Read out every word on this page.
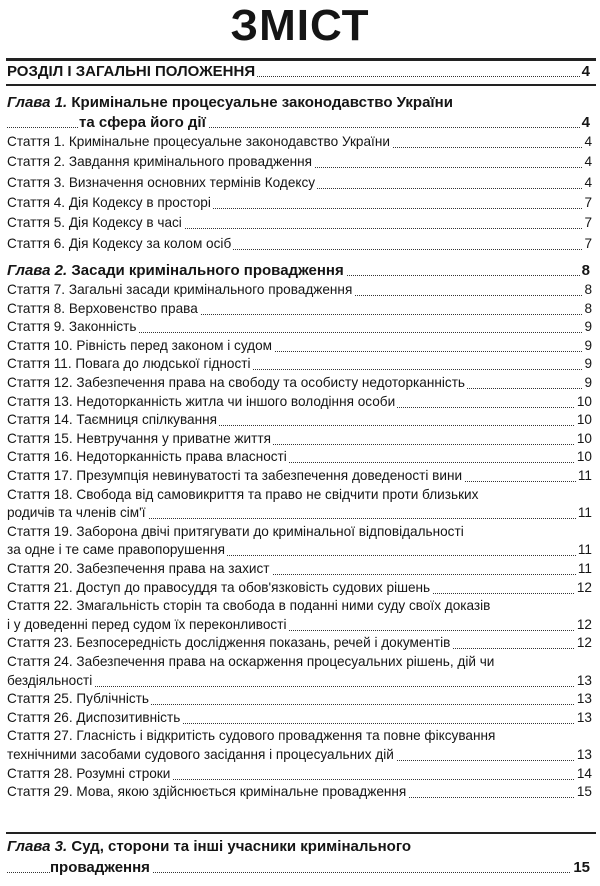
ЗМІСТ
РОЗДІЛ І ЗАГАЛЬНІ ПОЛОЖЕННЯ	4
Глава 1. Кримінальне процесуальне законодавство України
та сфера його дії	4
Стаття 1. Кримінальне процесуальне законодавство України	4
Стаття 2. Завдання кримінального провадження	4
Стаття 3. Визначення основних термінів Кодексу	4
Стаття 4. Дія Кодексу в просторі	7
Стаття 5. Дія Кодексу в часі	7
Стаття 6. Дія Кодексу за колом осіб	7
Глава 2. Засади кримінального провадження	8
Стаття 7. Загальні засади кримінального провадження	8
Стаття 8. Верховенство права	8
Стаття 9. Законність	9
Стаття 10. Рівність перед законом і судом	9
Стаття 11. Повага до людської гідності	9
Стаття 12. Забезпечення права на свободу та особисту недоторканність	9
Стаття 13. Недоторканність житла чи іншого володіння особи	10
Стаття 14. Таємниця спілкування	10
Стаття 15. Невтручання у приватне життя	10
Стаття 16. Недоторканність права власності	10
Стаття 17. Презумпція невинуватості та забезпечення доведеності вини	11
Стаття 18. Свобода від самовикриття та право не свідчити проти близьких
родичів та членів сім'ї	11
Стаття 19. Заборона двічі притягувати до кримінальної відповідальності
за одне і те саме правопорушення	11
Стаття 20. Забезпечення права на захист	11
Стаття 21. Доступ до правосуддя та обов'язковість судових рішень	12
Стаття 22. Змагальність сторін та свобода в поданні ними суду своїх доказів
і у доведенні перед судом їх переконливості	12
Стаття 23. Безпосередність дослідження показань, речей і документів	12
Стаття 24. Забезпечення права на оскарження процесуальних рішень, дій чи
бездіяльності	13
Стаття 25. Публічність	13
Стаття 26. Диспозитивність	13
Стаття 27. Гласність і відкритість судового провадження та повне фіксування
технічними засобами судового засідання і процесуальних дій	13
Стаття 28. Розумні строки	14
Стаття 29. Мова, якою здійснюється кримінальне провадження	15
Глава 3. Суд, сторони та інші учасники кримінального
провадження	15
